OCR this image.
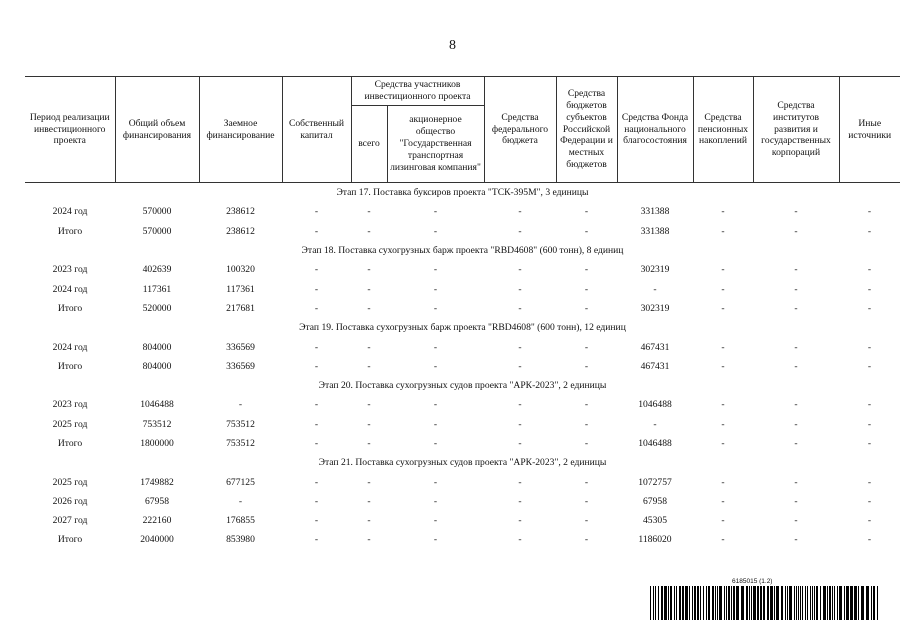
8
Период реализации инвестиционного проекта	Общий объем финансирования	Заемное финансирование	Собственный капитал	Средства участников инвестиционного проекта		Средства федерального бюджета	Средства бюджетов субъектов Российской Федерации и местных бюджетов	Средства Фонда национального благосостояния	Средства пенсионных накоплений	Средства институтов развития и государственных корпораций	Иные источники
				всего	акционерное общество "Государственная транспортная лизинговая компания"						
Этап 17. Поставка буксиров проекта "ТСК-395М", 3 единицы											
2024 год	570000	238612	-	-	-	-	-	331388	-	-	-
Итого	570000	238612	-	-	-	-	-	331388	-	-	-
Этап 18. Поставка сухогрузных барж проекта "RBD4608" (600 тонн), 8 единиц											
2023 год	402639	100320	-	-	-	-	-	302319	-	-	-
2024 год	117361	117361	-	-	-	-	-	-	-	-	-
Итого	520000	217681	-	-	-	-	-	302319	-	-	-
Этап 19. Поставка сухогрузных барж проекта "RBD4608" (600 тонн), 12 единиц											
2024 год	804000	336569	-	-	-	-	-	467431	-	-	-
Итого	804000	336569	-	-	-	-	-	467431	-	-	-
Этап 20. Поставка сухогрузных судов проекта "АРК-2023", 2 единицы											
2023 год	1046488	-	-	-	-	-	-	1046488	-	-	-
2025 год	753512	753512	-	-	-	-	-	-	-	-	-
Итого	1800000	753512	-	-	-	-	-	1046488	-	-	-
Этап 21. Поставка сухогрузных судов проекта "АРК-2023", 2 единицы											
2025 год	1749882	677125	-	-	-	-	-	1072757	-	-	-
2026 год	67958	-	-	-	-	-	-	67958	-	-	-
2027 год	222160	176855	-	-	-	-	-	45305	-	-	-
Итого	2040000	853980	-	-	-	-	-	1186020	-	-	-
6185015 (1.2)
